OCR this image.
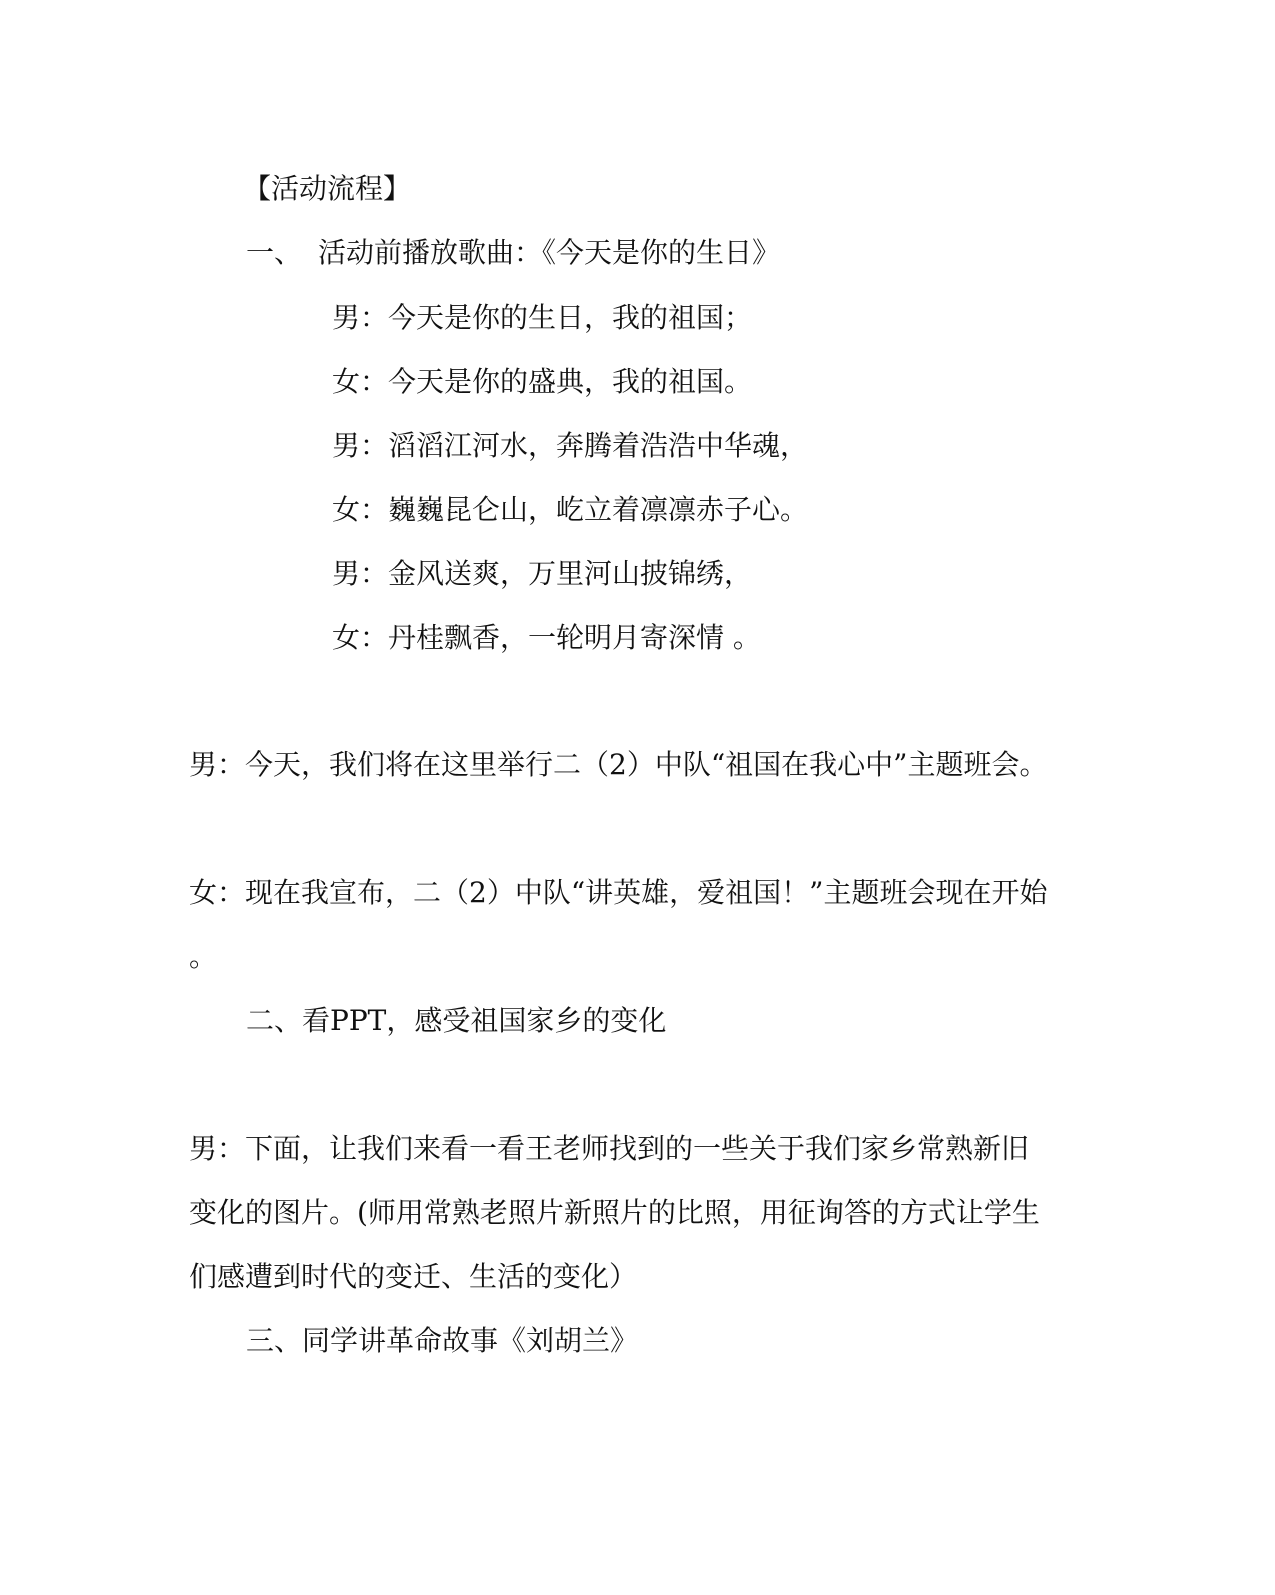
【活动流程】
一、 活动前播放歌曲：《今天是你的生日》
男：今天是你的生日，我的祖国；
女：今天是你的盛典，我的祖国。
男：滔滔江河水，奔腾着浩浩中华魂，
女：巍巍昆仑山，屹立着凛凛赤子心。
男：金风送爽，万里河山披锦绣，
女：丹桂飘香，一轮明月寄深情 。
男：今天，我们将在这里举行二（2）中队“祖国在我心中”主题班会。
女：现在我宣布，二（2）中队“讲英雄，爱祖国！”主题班会现在开始
。
二、看PPT，感受祖国家乡的变化
男：下面，让我们来看一看王老师找到的一些关于我们家乡常熟新旧
变化的图片。(师用常熟老照片新照片的比照，用征询答的方式让学生
们感遭到时代的变迁、生活的变化）
三、同学讲革命故事《刘胡兰》
